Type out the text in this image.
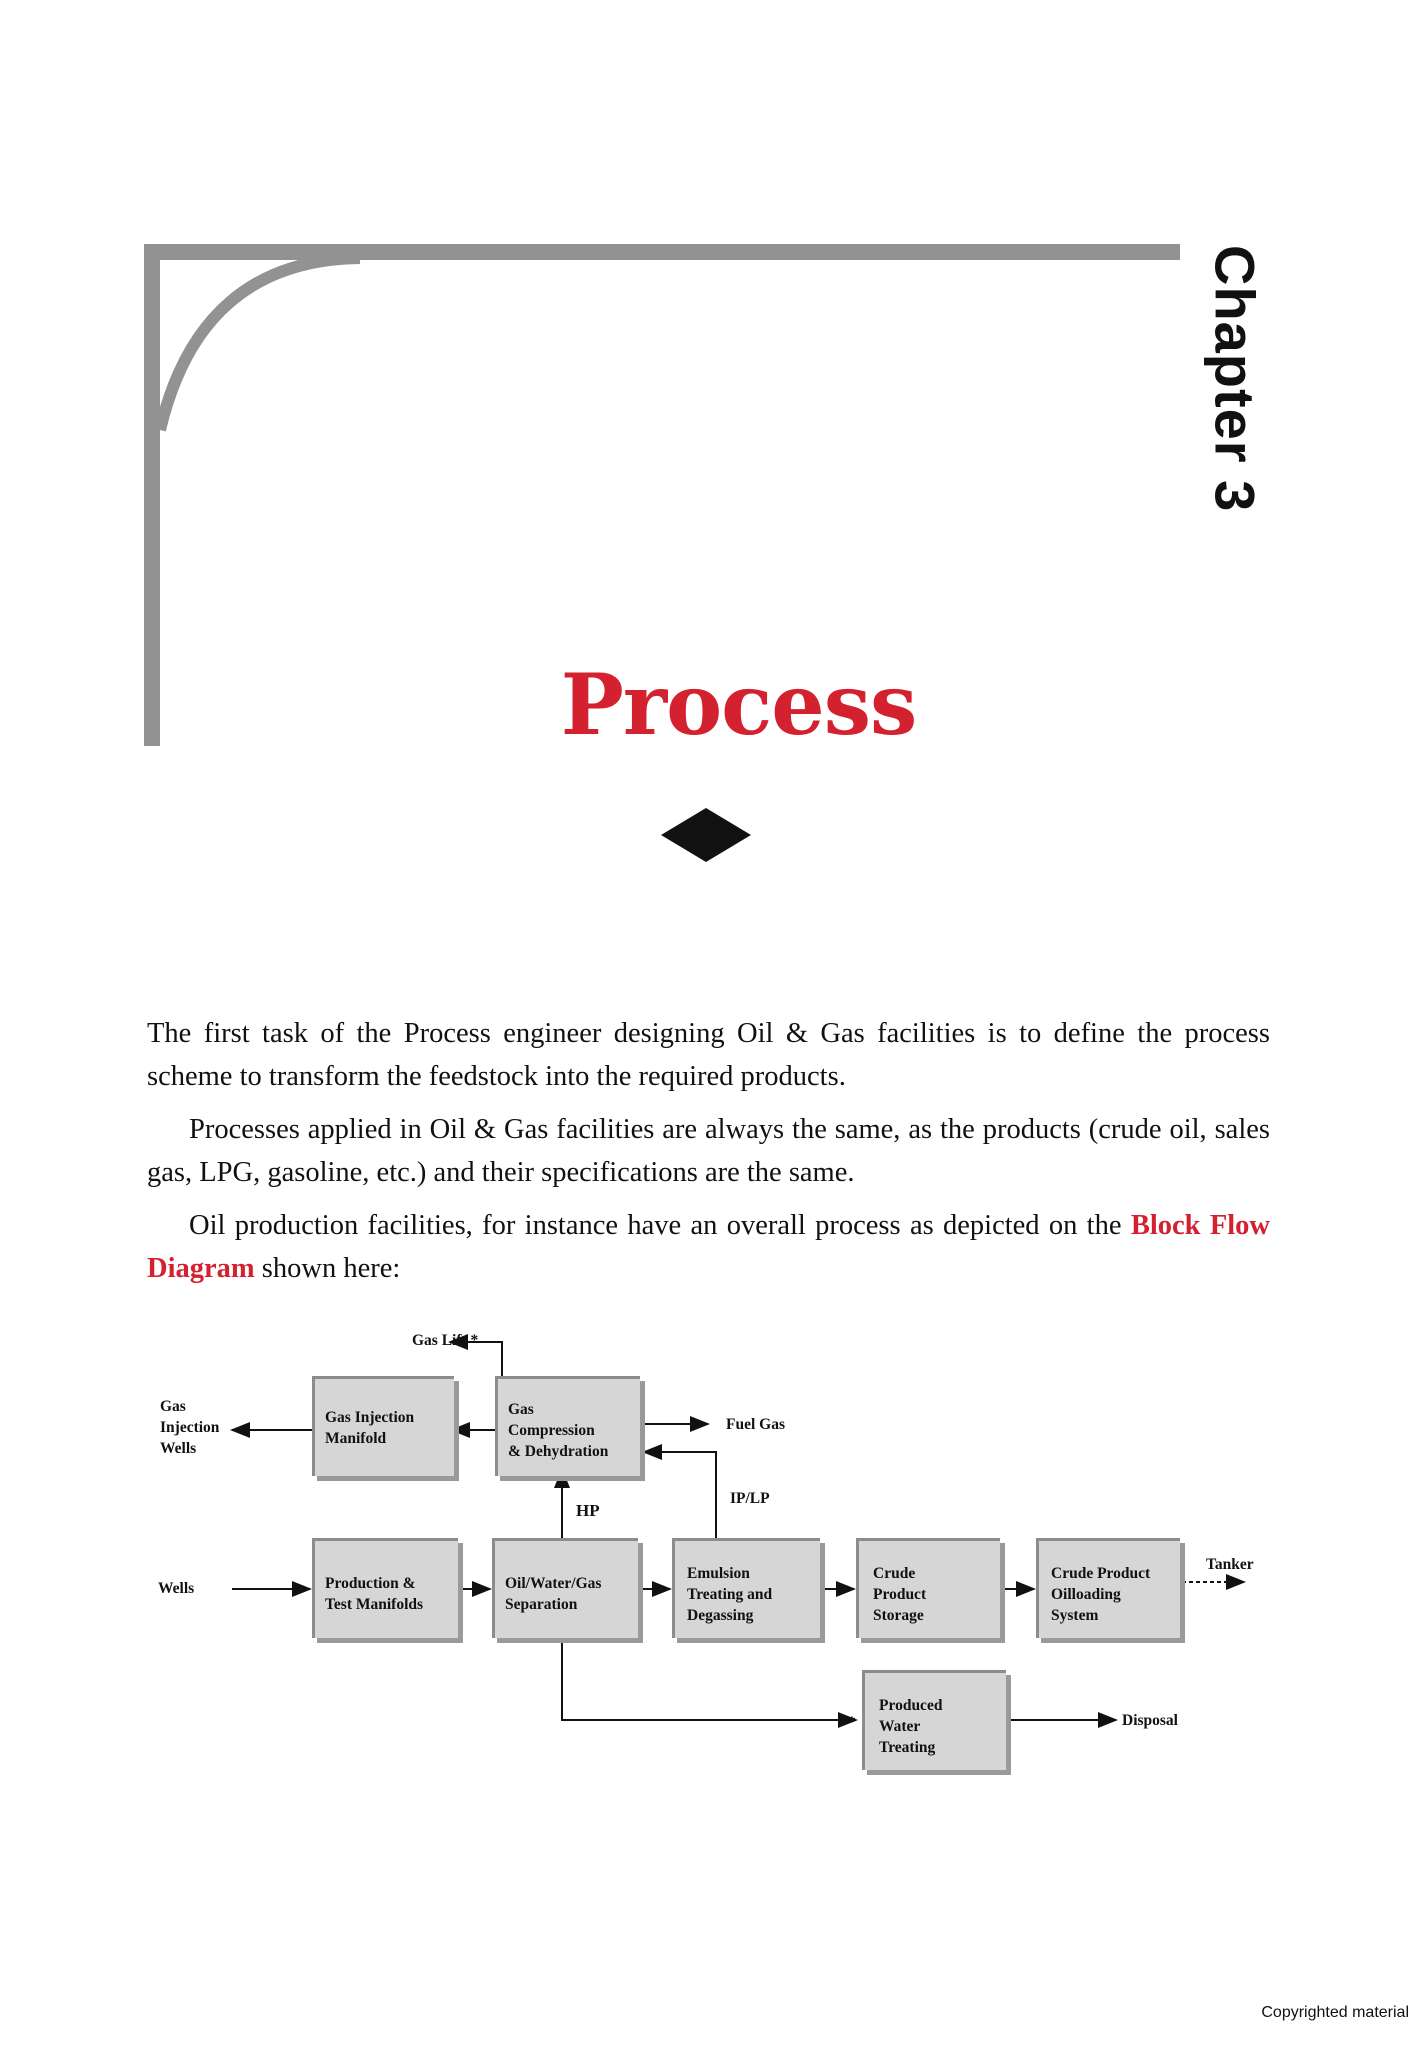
Chapter 3
Process

The first task of the Process engineer designing Oil & Gas facilities is to define the process scheme to transform the feedstock into the required products.

Processes applied in Oil & Gas facilities are always the same, as the products (crude oil, sales gas, LPG, gasoline, etc.) and their specifications are the same.

Oil production facilities, for instance have an overall process as depicted on the Block Flow Diagram shown here:

Gas Injection
Manifold
Gas
Compression
& Dehydration
Production &
Test Manifolds
Oil/Water/Gas
Separation
Emulsion
Treating and
Degassing
Crude
Product
Storage
Crude Product
Oilloading
System
Produced
Water
Treating
Gas Lift *
Gas
Injection
Wells
Fuel Gas
HP
IP/LP
Wells
Tanker
Disposal
*
Copyrighted material
